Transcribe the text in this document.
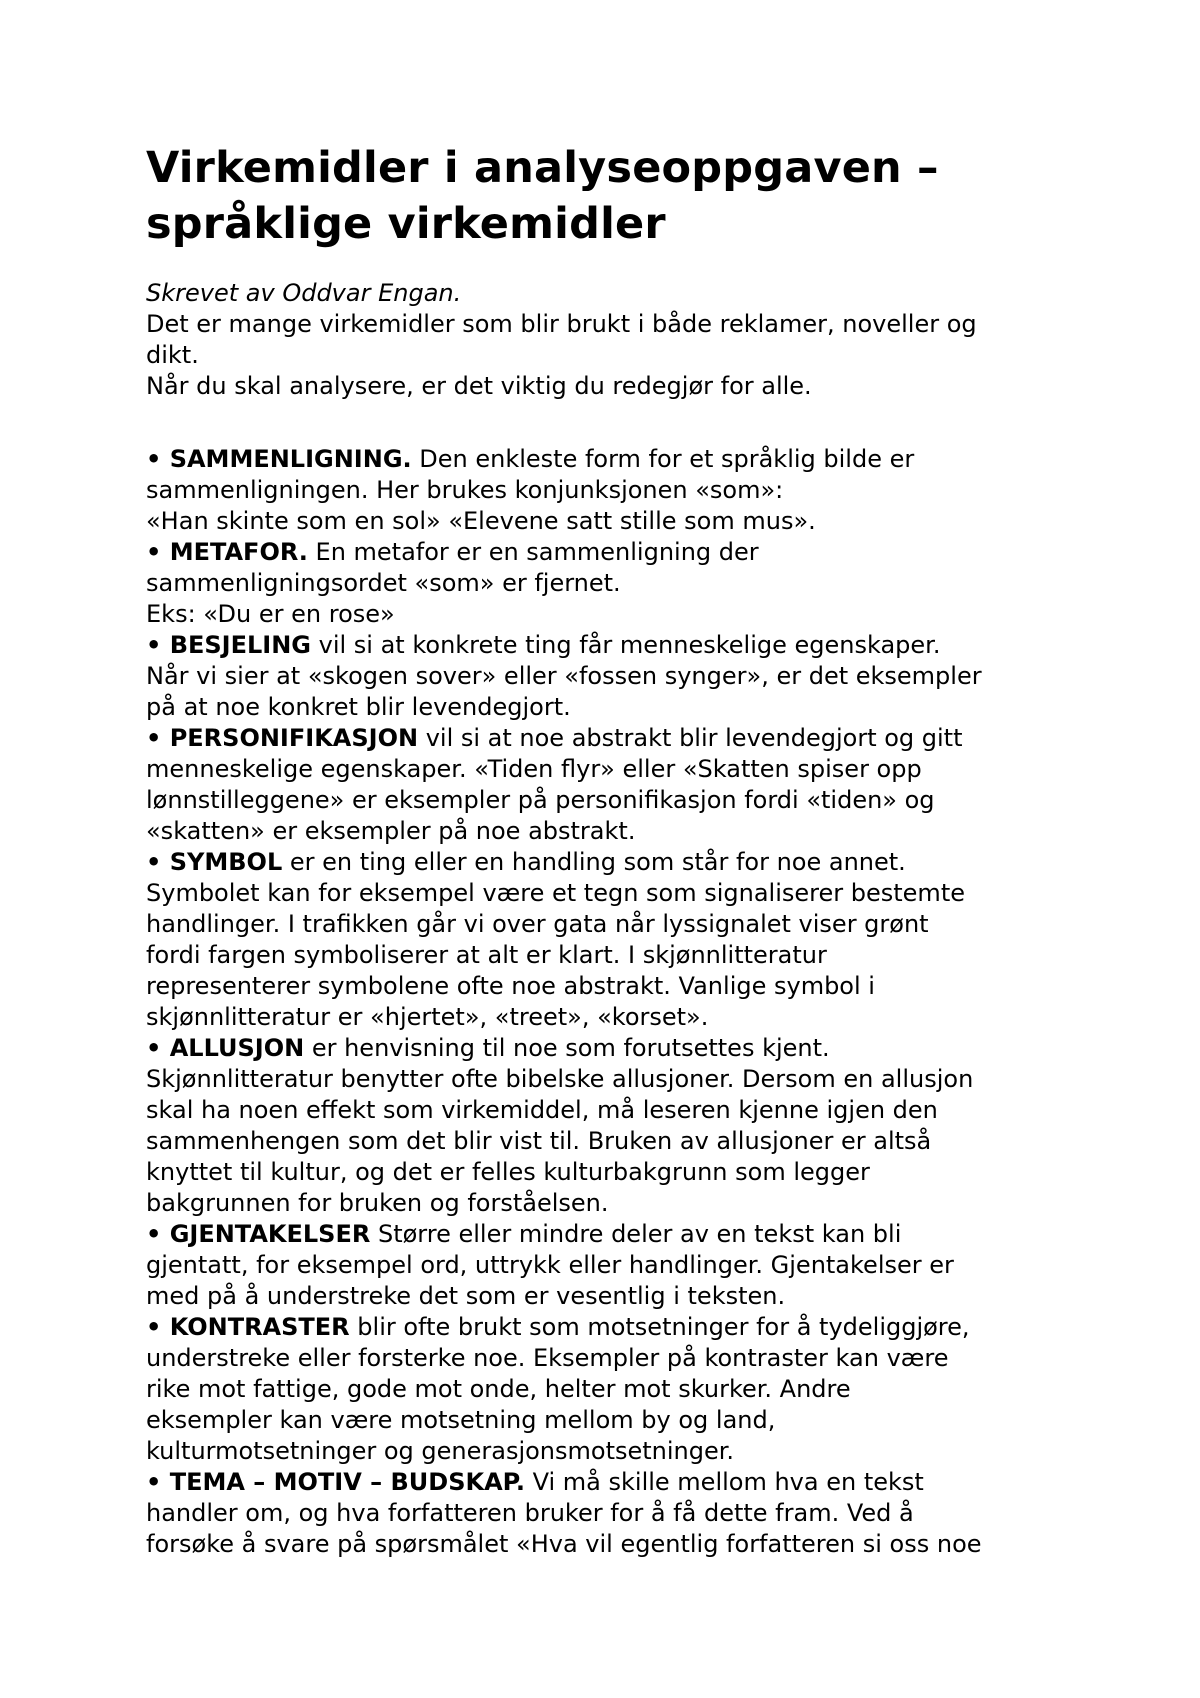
Virkemidler i analyseoppgaven –
språklige virkemidler
Skrevet av Oddvar Engan.
Det er mange virkemidler som blir brukt i både reklamer, noveller og
dikt.
Når du skal analysere, er det viktig du redegjør for alle.
• SAMMENLIGNING. Den enkleste form for et språklig bilde er
sammenligningen. Her brukes konjunksjonen «som»:
«Han skinte som en sol» «Elevene satt stille som mus».
• METAFOR. En metafor er en sammenligning der
sammenligningsordet «som» er fjernet.
Eks: «Du er en rose»
• BESJELING vil si at konkrete ting får menneskelige egenskaper.
Når vi sier at «skogen sover» eller «fossen synger», er det eksempler
på at noe konkret blir levendegjort.
• PERSONIFIKASJON vil si at noe abstrakt blir levendegjort og gitt
menneskelige egenskaper. «Tiden flyr» eller «Skatten spiser opp
lønnstilleggene» er eksempler på personifikasjon fordi «tiden» og
«skatten» er eksempler på noe abstrakt.
• SYMBOL er en ting eller en handling som står for noe annet.
Symbolet kan for eksempel være et tegn som signaliserer bestemte
handlinger. I trafikken går vi over gata når lyssignalet viser grønt
fordi fargen symboliserer at alt er klart. I skjønnlitteratur
representerer symbolene ofte noe abstrakt. Vanlige symbol i
skjønnlitteratur er «hjertet», «treet», «korset».
• ALLUSJON er henvisning til noe som forutsettes kjent.
Skjønnlitteratur benytter ofte bibelske allusjoner. Dersom en allusjon
skal ha noen effekt som virkemiddel, må leseren kjenne igjen den
sammenhengen som det blir vist til. Bruken av allusjoner er altså
knyttet til kultur, og det er felles kulturbakgrunn som legger
bakgrunnen for bruken og forståelsen.
• GJENTAKELSER Større eller mindre deler av en tekst kan bli
gjentatt, for eksempel ord, uttrykk eller handlinger. Gjentakelser er
med på å understreke det som er vesentlig i teksten.
• KONTRASTER blir ofte brukt som motsetninger for å tydeliggjøre,
understreke eller forsterke noe. Eksempler på kontraster kan være
rike mot fattige, gode mot onde, helter mot skurker. Andre
eksempler kan være motsetning mellom by og land,
kulturmotsetninger og generasjonsmotsetninger.
• TEMA – MOTIV – BUDSKAP. Vi må skille mellom hva en tekst
handler om, og hva forfatteren bruker for å få dette fram. Ved å
forsøke å svare på spørsmålet «Hva vil egentlig forfatteren si oss noe
